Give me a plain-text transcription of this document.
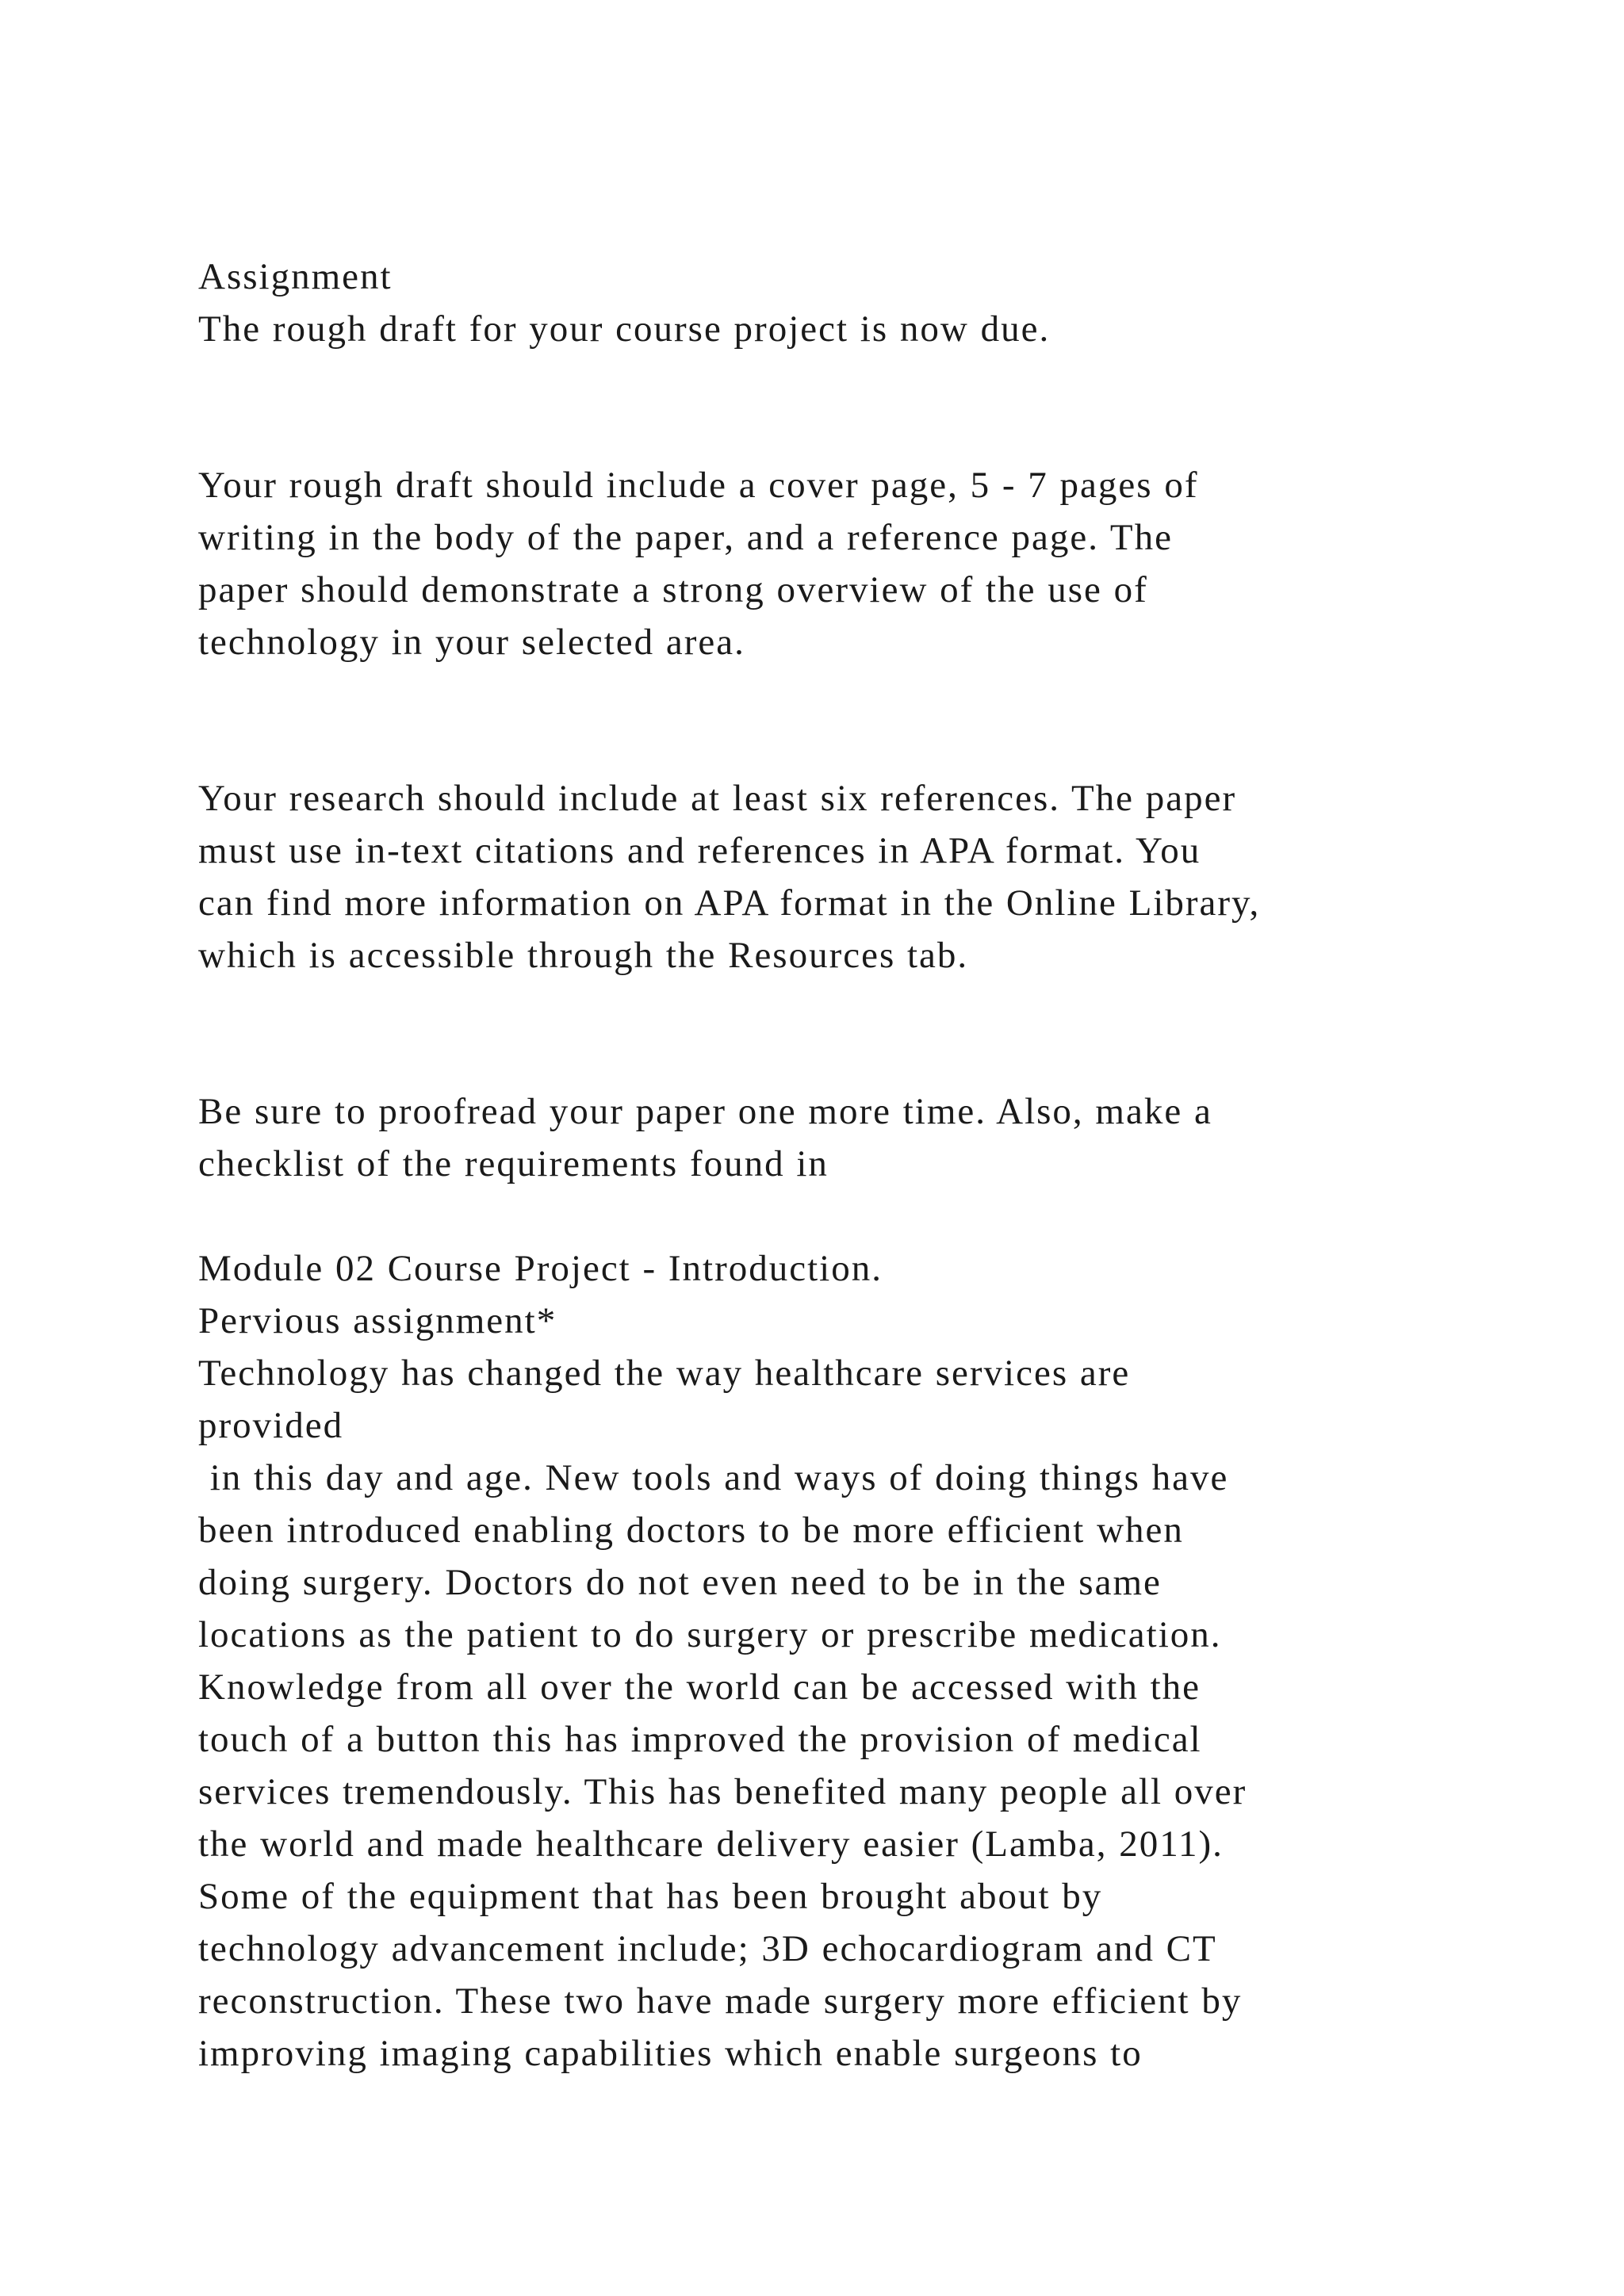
Assignment
The rough draft for your course project is now due.
Your rough draft should include a cover page, 5 - 7 pages of
writing in the body of the paper, and a reference page. The
paper should demonstrate a strong overview of the use of
technology in your selected area.
Your research should include at least six references. The paper
must use in-text citations and references in APA format. You
can find more information on APA format in the Online Library,
which is accessible through the Resources tab.
Be sure to proofread your paper one more time. Also, make a
checklist of the requirements found in
Module 02 Course Project - Introduction.
Pervious assignment*
Technology has changed the way healthcare services are
provided
in this day and age. New tools and ways of doing things have
been introduced enabling doctors to be more efficient when
doing surgery. Doctors do not even need to be in the same
locations as the patient to do surgery or prescribe medication.
Knowledge from all over the world can be accessed with the
touch of a button this has improved the provision of medical
services tremendously. This has benefited many people all over
the world and made healthcare delivery easier (Lamba, 2011).
Some of the equipment that has been brought about by
technology advancement include; 3D echocardiogram and CT
reconstruction. These two have made surgery more efficient by
improving imaging capabilities which enable surgeons to
